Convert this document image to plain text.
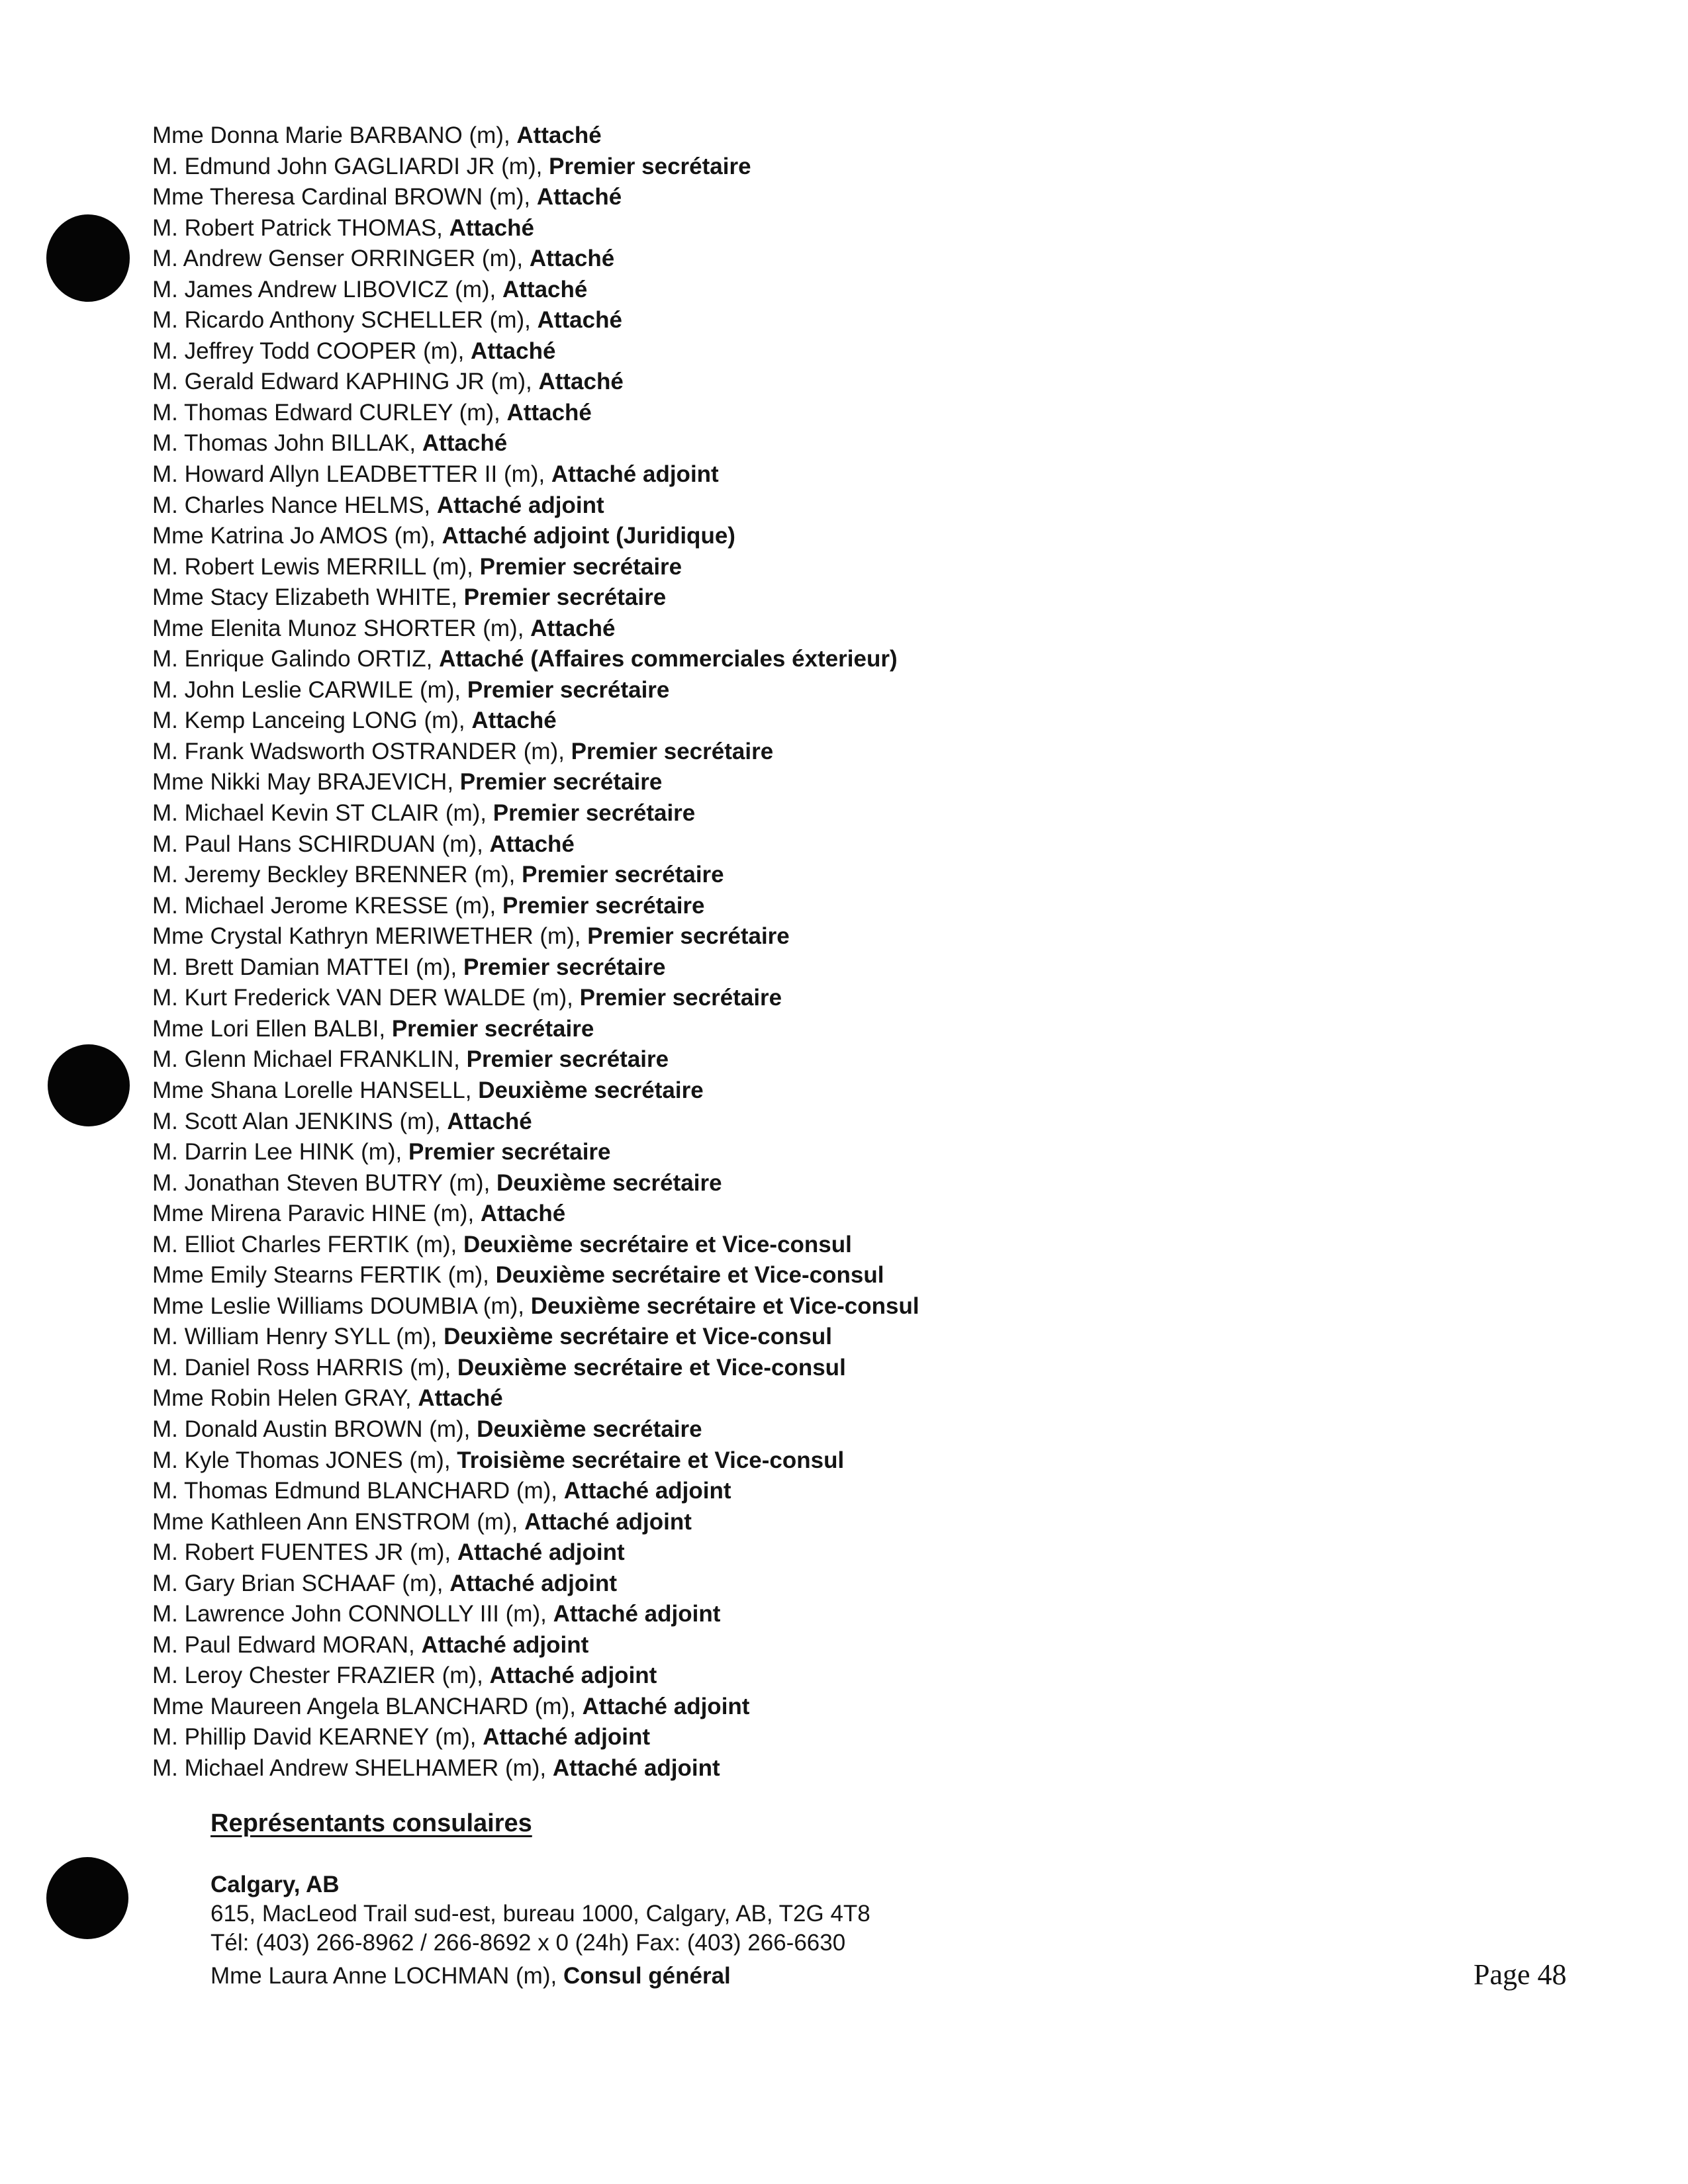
Mme Donna Marie BARBANO (m), Attaché
M. Edmund John GAGLIARDI JR (m), Premier secrétaire
Mme Theresa Cardinal BROWN (m), Attaché
M. Robert Patrick THOMAS, Attaché
M. Andrew Genser ORRINGER (m), Attaché
M. James Andrew LIBOVICZ (m), Attaché
M. Ricardo Anthony SCHELLER (m), Attaché
M. Jeffrey Todd COOPER (m), Attaché
M. Gerald Edward KAPHING JR (m), Attaché
M. Thomas Edward CURLEY (m), Attaché
M. Thomas John BILLAK, Attaché
M. Howard Allyn LEADBETTER II (m), Attaché adjoint
M. Charles Nance HELMS, Attaché adjoint
Mme Katrina Jo AMOS (m), Attaché adjoint (Juridique)
M. Robert Lewis MERRILL (m), Premier secrétaire
Mme Stacy Elizabeth WHITE, Premier secrétaire
Mme Elenita Munoz SHORTER (m), Attaché
M. Enrique Galindo ORTIZ, Attaché (Affaires commerciales éxterieur)
M. John Leslie CARWILE (m), Premier secrétaire
M. Kemp Lanceing LONG (m), Attaché
M. Frank Wadsworth OSTRANDER (m), Premier secrétaire
Mme Nikki May BRAJEVICH, Premier secrétaire
M. Michael Kevin ST CLAIR (m), Premier secrétaire
M. Paul Hans SCHIRDUAN (m), Attaché
M. Jeremy Beckley BRENNER (m), Premier secrétaire
M. Michael Jerome KRESSE (m), Premier secrétaire
Mme Crystal Kathryn MERIWETHER (m), Premier secrétaire
M. Brett Damian MATTEI (m), Premier secrétaire
M. Kurt Frederick VAN DER WALDE (m), Premier secrétaire
Mme Lori Ellen BALBI, Premier secrétaire
M. Glenn Michael FRANKLIN, Premier secrétaire
Mme Shana Lorelle HANSELL, Deuxième secrétaire
M. Scott Alan JENKINS (m), Attaché
M. Darrin Lee HINK (m), Premier secrétaire
M. Jonathan Steven BUTRY (m), Deuxième secrétaire
Mme Mirena Paravic HINE (m), Attaché
M. Elliot Charles FERTIK (m), Deuxième secrétaire et Vice-consul
Mme Emily Stearns FERTIK (m), Deuxième secrétaire et Vice-consul
Mme Leslie Williams DOUMBIA (m), Deuxième secrétaire et Vice-consul
M. William Henry SYLL (m), Deuxième secrétaire et Vice-consul
M. Daniel Ross HARRIS (m), Deuxième secrétaire et Vice-consul
Mme Robin Helen GRAY, Attaché
M. Donald Austin BROWN (m), Deuxième secrétaire
M. Kyle Thomas JONES (m), Troisième secrétaire et Vice-consul
M. Thomas Edmund BLANCHARD (m), Attaché adjoint
Mme Kathleen Ann ENSTROM (m), Attaché adjoint
M. Robert FUENTES JR (m), Attaché adjoint
M. Gary Brian SCHAAF (m), Attaché adjoint
M. Lawrence John CONNOLLY III (m), Attaché adjoint
M. Paul Edward MORAN, Attaché adjoint
M. Leroy Chester FRAZIER (m), Attaché adjoint
Mme Maureen Angela BLANCHARD (m), Attaché adjoint
M. Phillip David KEARNEY (m), Attaché adjoint
M. Michael Andrew SHELHAMER (m), Attaché adjoint
Représentants consulaires
Calgary, AB
615, MacLeod Trail sud-est, bureau 1000, Calgary, AB, T2G 4T8
Tél: (403) 266-8962 / 266-8692 x 0 (24h) Fax: (403) 266-6630
Mme Laura Anne LOCHMAN (m), Consul général	Page 48
